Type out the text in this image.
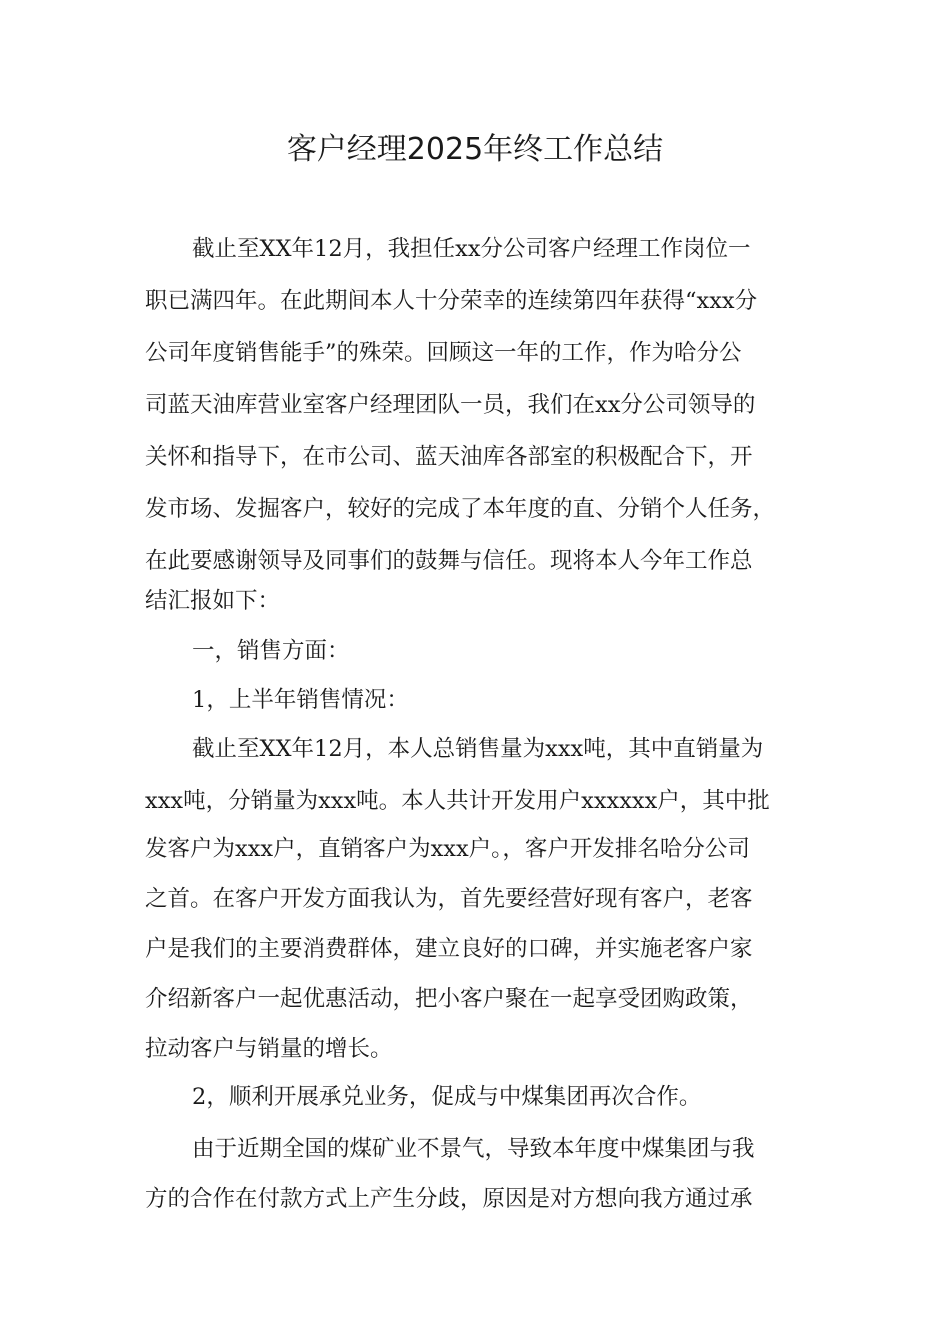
客户经理2025年终工作总结
截止至XX年12月，我担任xx分公司客户经理工作岗位一
职已满四年。在此期间本人十分荣幸的连续第四年获得“xxx分
公司年度销售能手”的殊荣。回顾这一年的工作，作为哈分公
司蓝天油库营业室客户经理团队一员，我们在xx分公司领导的
关怀和指导下，在市公司、蓝天油库各部室的积极配合下，开
发市场、发掘客户，较好的完成了本年度的直、分销个人任务，
在此要感谢领导及同事们的鼓舞与信任。现将本人今年工作总
结汇报如下：
一，销售方面：
1，上半年销售情况：
截止至XX年12月，本人总销售量为xxx吨，其中直销量为
xxx吨，分销量为xxx吨。本人共计开发用户xxxxxx户，其中批
发客户为xxx户，直销客户为xxx户。，客户开发排名哈分公司
之首。在客户开发方面我认为，首先要经营好现有客户，老客
户是我们的主要消费群体，建立良好的口碑，并实施老客户家
介绍新客户一起优惠活动，把小客户聚在一起享受团购政策，
拉动客户与销量的增长。
2，顺利开展承兑业务，促成与中煤集团再次合作。
由于近期全国的煤矿业不景气，导致本年度中煤集团与我
方的合作在付款方式上产生分歧，原因是对方想向我方通过承
